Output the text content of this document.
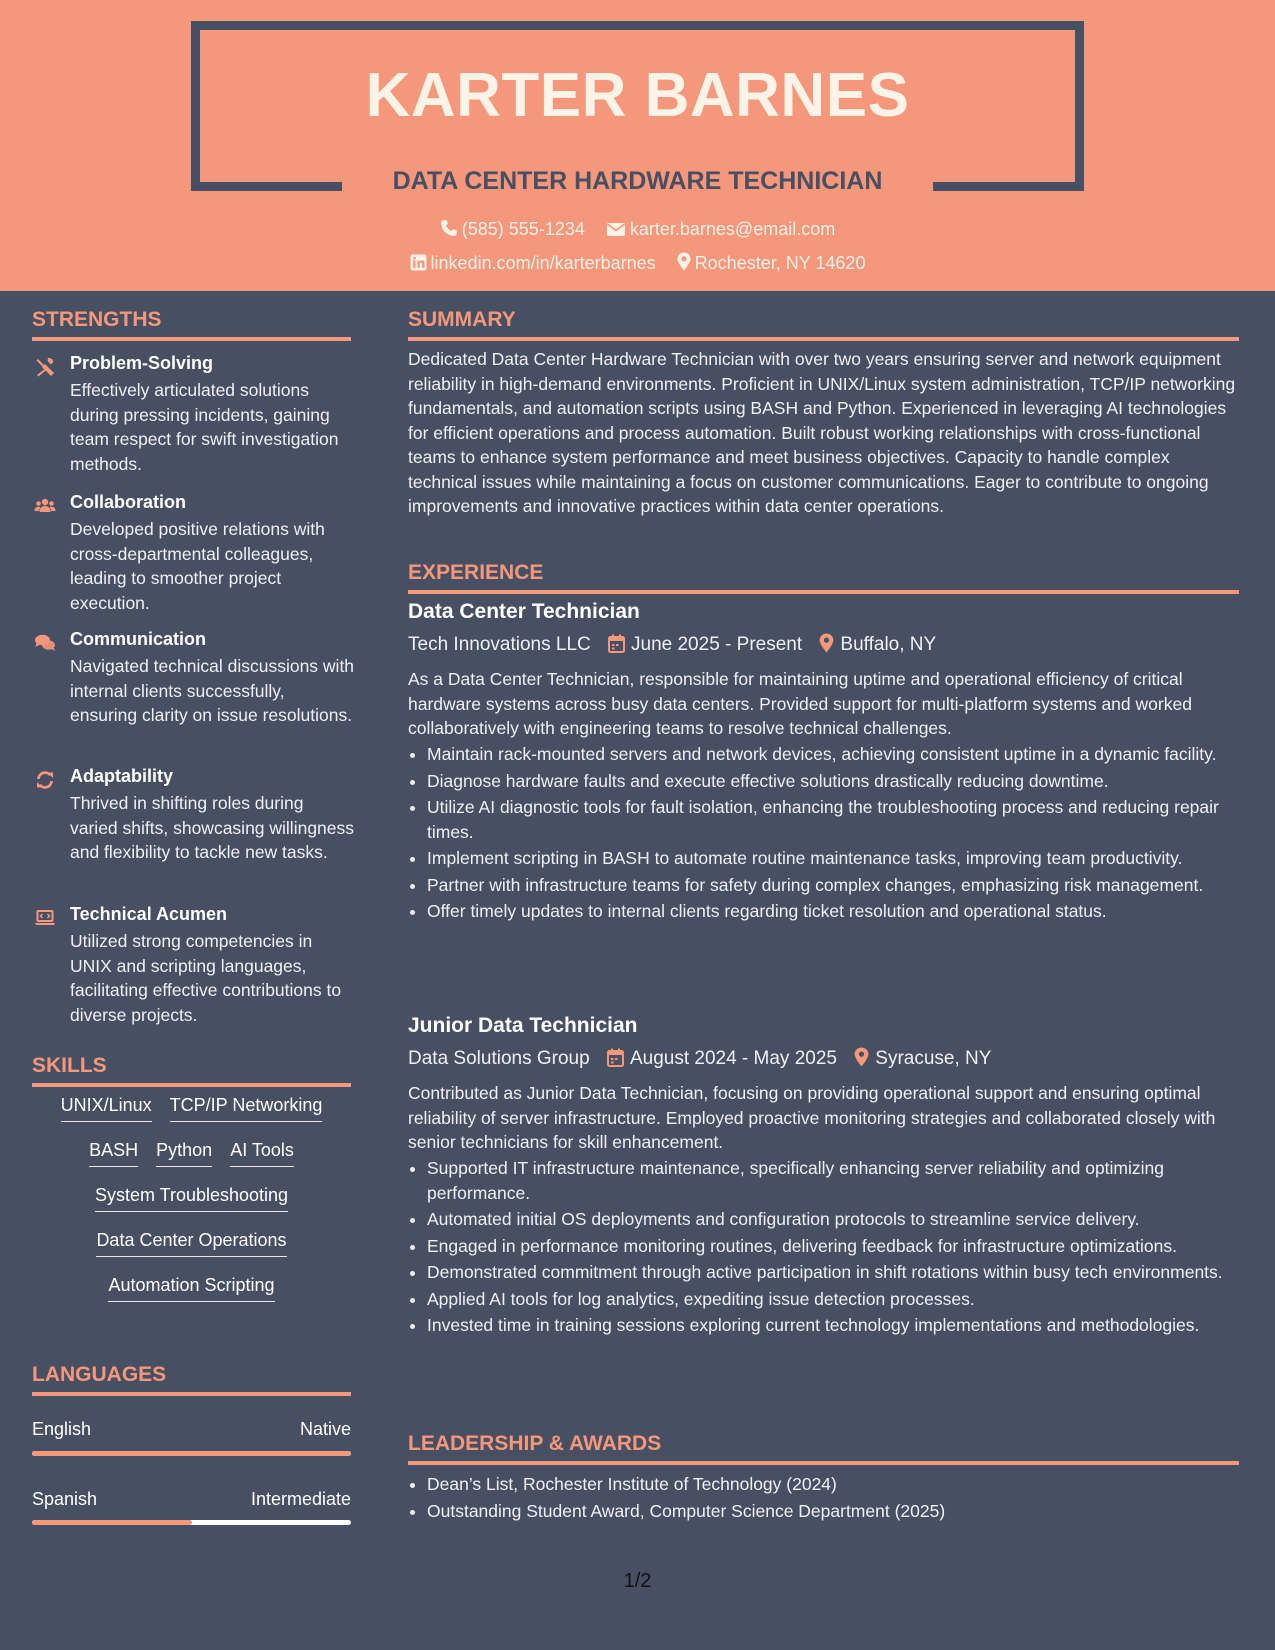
KARTER BARNES
DATA CENTER HARDWARE TECHNICIAN
(585) 555-1234	karter.barnes@email.com
linkedin.com/in/karterbarnes Rochester, NY 14620
STRENGTHS
Problem-Solving
Effectively articulated solutions during pressing incidents, gaining team respect for swift investigation methods.
Collaboration
Developed positive relations with cross-departmental colleagues, leading to smoother project execution.
Communication
Navigated technical discussions with internal clients successfully, ensuring clarity on issue resolutions.
Adaptability
Thrived in shifting roles during varied shifts, showcasing willingness and flexibility to tackle new tasks.
Technical Acumen
Utilized strong competencies in UNIX and scripting languages, facilitating effective contributions to diverse projects.
SKILLS
UNIX/Linux TCP/IP Networking
BASH Python AI Tools
System Troubleshooting
Data Center Operations
Automation Scripting
LANGUAGES
English	Native
Spanish	Intermediate
SUMMARY
Dedicated Data Center Hardware Technician with over two years ensuring server and network equipment reliability in high-demand environments. Proficient in UNIX/Linux system administration, TCP/IP networking fundamentals, and automation scripts using BASH and Python. Experienced in leveraging AI technologies for efficient operations and process automation. Built robust working relationships with cross-functional teams to enhance system performance and meet business objectives. Capacity to handle complex technical issues while maintaining a focus on customer communications. Eager to contribute to ongoing improvements and innovative practices within data center operations.
EXPERIENCE
Data Center Technician
Tech Innovations LLC June 2025 - Present Buffalo, NY
As a Data Center Technician, responsible for maintaining uptime and operational efficiency of critical hardware systems across busy data centers. Provided support for multi-platform systems and worked collaboratively with engineering teams to resolve technical challenges.
• Maintain rack-mounted servers and network devices, achieving consistent uptime in a dynamic facility.
• Diagnose hardware faults and execute effective solutions drastically reducing downtime.
• Utilize AI diagnostic tools for fault isolation, enhancing the troubleshooting process and reducing repair times.
• Implement scripting in BASH to automate routine maintenance tasks, improving team productivity.
• Partner with infrastructure teams for safety during complex changes, emphasizing risk management.
• Offer timely updates to internal clients regarding ticket resolution and operational status.
Junior Data Technician
Data Solutions Group August 2024 - May 2025 Syracuse, NY
Contributed as Junior Data Technician, focusing on providing operational support and ensuring optimal reliability of server infrastructure. Employed proactive monitoring strategies and collaborated closely with senior technicians for skill enhancement.
• Supported IT infrastructure maintenance, specifically enhancing server reliability and optimizing performance.
• Automated initial OS deployments and configuration protocols to streamline service delivery.
• Engaged in performance monitoring routines, delivering feedback for infrastructure optimizations.
• Demonstrated commitment through active participation in shift rotations within busy tech environments.
• Applied AI tools for log analytics, expediting issue detection processes.
• Invested time in training sessions exploring current technology implementations and methodologies.
LEADERSHIP & AWARDS
• Dean’s List, Rochester Institute of Technology (2024)
• Outstanding Student Award, Computer Science Department (2025)
1/2
